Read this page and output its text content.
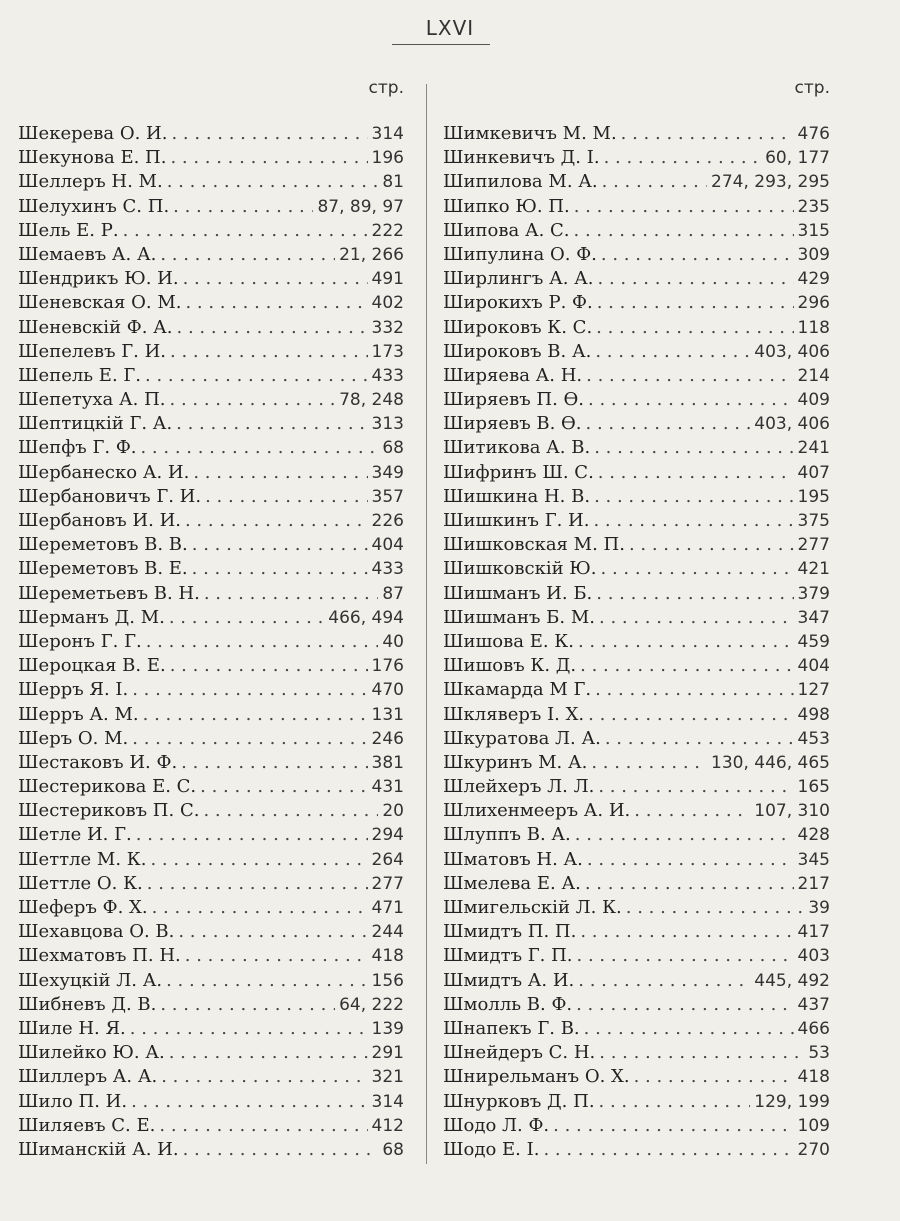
LXVI
стр.
Шекерева О. И. . . .	314
Шекунова Е. П. . . .	196
Шеллеръ Н. М. . . .	81
Шелухинъ С. П. . . .	87, 89, 97
Шель Е. Р. . . .	222
Шемаевъ А. А. . . .	21, 266
Шендрикъ Ю. И. . . .	491
Шеневская О. М. . . .	402
Шеневскій Ф. А. . . .	332
Шепелевъ Г. И. . . .	173
Шепель Е. Г. . . .	433
Шепетуха А. П. . . .	78, 248
Шептицкій Г. А. . . .	313
Шепфъ Г. Ф. . . .	68
Шербанеско А. И. . . .	349
Шербановичъ Г. И. . . .	357
Шербановъ И. И. . . .	226
Шереметовъ В. В. . . .	404
Шереметовъ В. Е. . . .	433
Шереметьевъ В. Н. . . .	87
Шерманъ Д. М. . . .	466, 494
Шеронъ Г. Г. . . .	40
Шероцкая В. Е. . . .	176
Шерръ Я. І. . . .	470
Шерръ А. М. . . .	131
Шеръ О. М. . . .	246
Шестаковъ И. Ф. . . .	381
Шестерикова Е. С. . . .	431
Шестериковъ П. С. . . .	20
Шетле И. Г. . . .	294
Шеттле М. К. . . .	264
Шеттле О. К. . . .	277
Шеферъ Ф. Х. . . .	471
Шехавцова О. В. . . .	244
Шехматовъ П. Н. . . .	418
Шехуцкій Л. А. . . .	156
Шибневъ Д. В. . . .	64, 222
Шиле Н. Я. . . .	139
Шилейко Ю. А. . . .	291
Шиллеръ А. А. . . .	321
Шило П. И. . . .	314
Шиляевъ С. Е. . . .	412
Шиманскій А. И. . . .	68
стр.
Шимкевичъ М. М. . . .	476
Шинкевичъ Д. І. . . .	60, 177
Шипилова М. А. . . .	274, 293, 295
Шипко Ю. П. . . .	235
Шипова А. С. . . .	315
Шипулина О. Ф. . . .	309
Ширлингъ А. А. . . .	429
Широкихъ Р. Ф. . . .	296
Широковъ К. С. . . .	118
Широковъ В. А. . . .	403, 406
Ширяева А. Н. . . .	214
Ширяевъ П. Ѳ. . . .	409
Ширяевъ В. Ѳ. . . .	403, 406
Шитикова А. В. . . .	241
Шифринъ Ш. С. . . .	407
Шишкина Н. В. . . .	195
Шишкинъ Г. И. . . .	375
Шишковская М. П. . . .	277
Шишковскій Ю. . . .	421
Шишманъ И. Б. . . .	379
Шишманъ Б. М. . . .	347
Шишова Е. К. . . .	459
Шишовъ К. Д. . . .	404
Шкамарда М Г. . . .	127
Шкляверъ І. Х. . . .	498
Шкуратова Л. А. . . .	453
Шкуринъ М. А. . . .	130, 446, 465
Шлейхеръ Л. Л. . . .	165
Шлихенмееръ А. И. . . .	107, 310
Шлуппъ В. А. . . .	428
Шматовъ Н. А. . . .	345
Шмелева Е. А. . . .	217
Шмигельскій Л. К. . . .	39
Шмидтъ П. П. . . .	417
Шмидтъ Г. П. . . .	403
Шмидтъ А. И. . . .	445, 492
Шмолль В. Ф. . . .	437
Шнапекъ Г. В. . . .	466
Шнейдеръ С. Н. . . .	53
Шнирельманъ О. Х. . . .	418
Шнурковъ Д. П. . . .	129, 199
Шодо Л. Ф. . . .	109
Шодо Е. І. . . .	270
